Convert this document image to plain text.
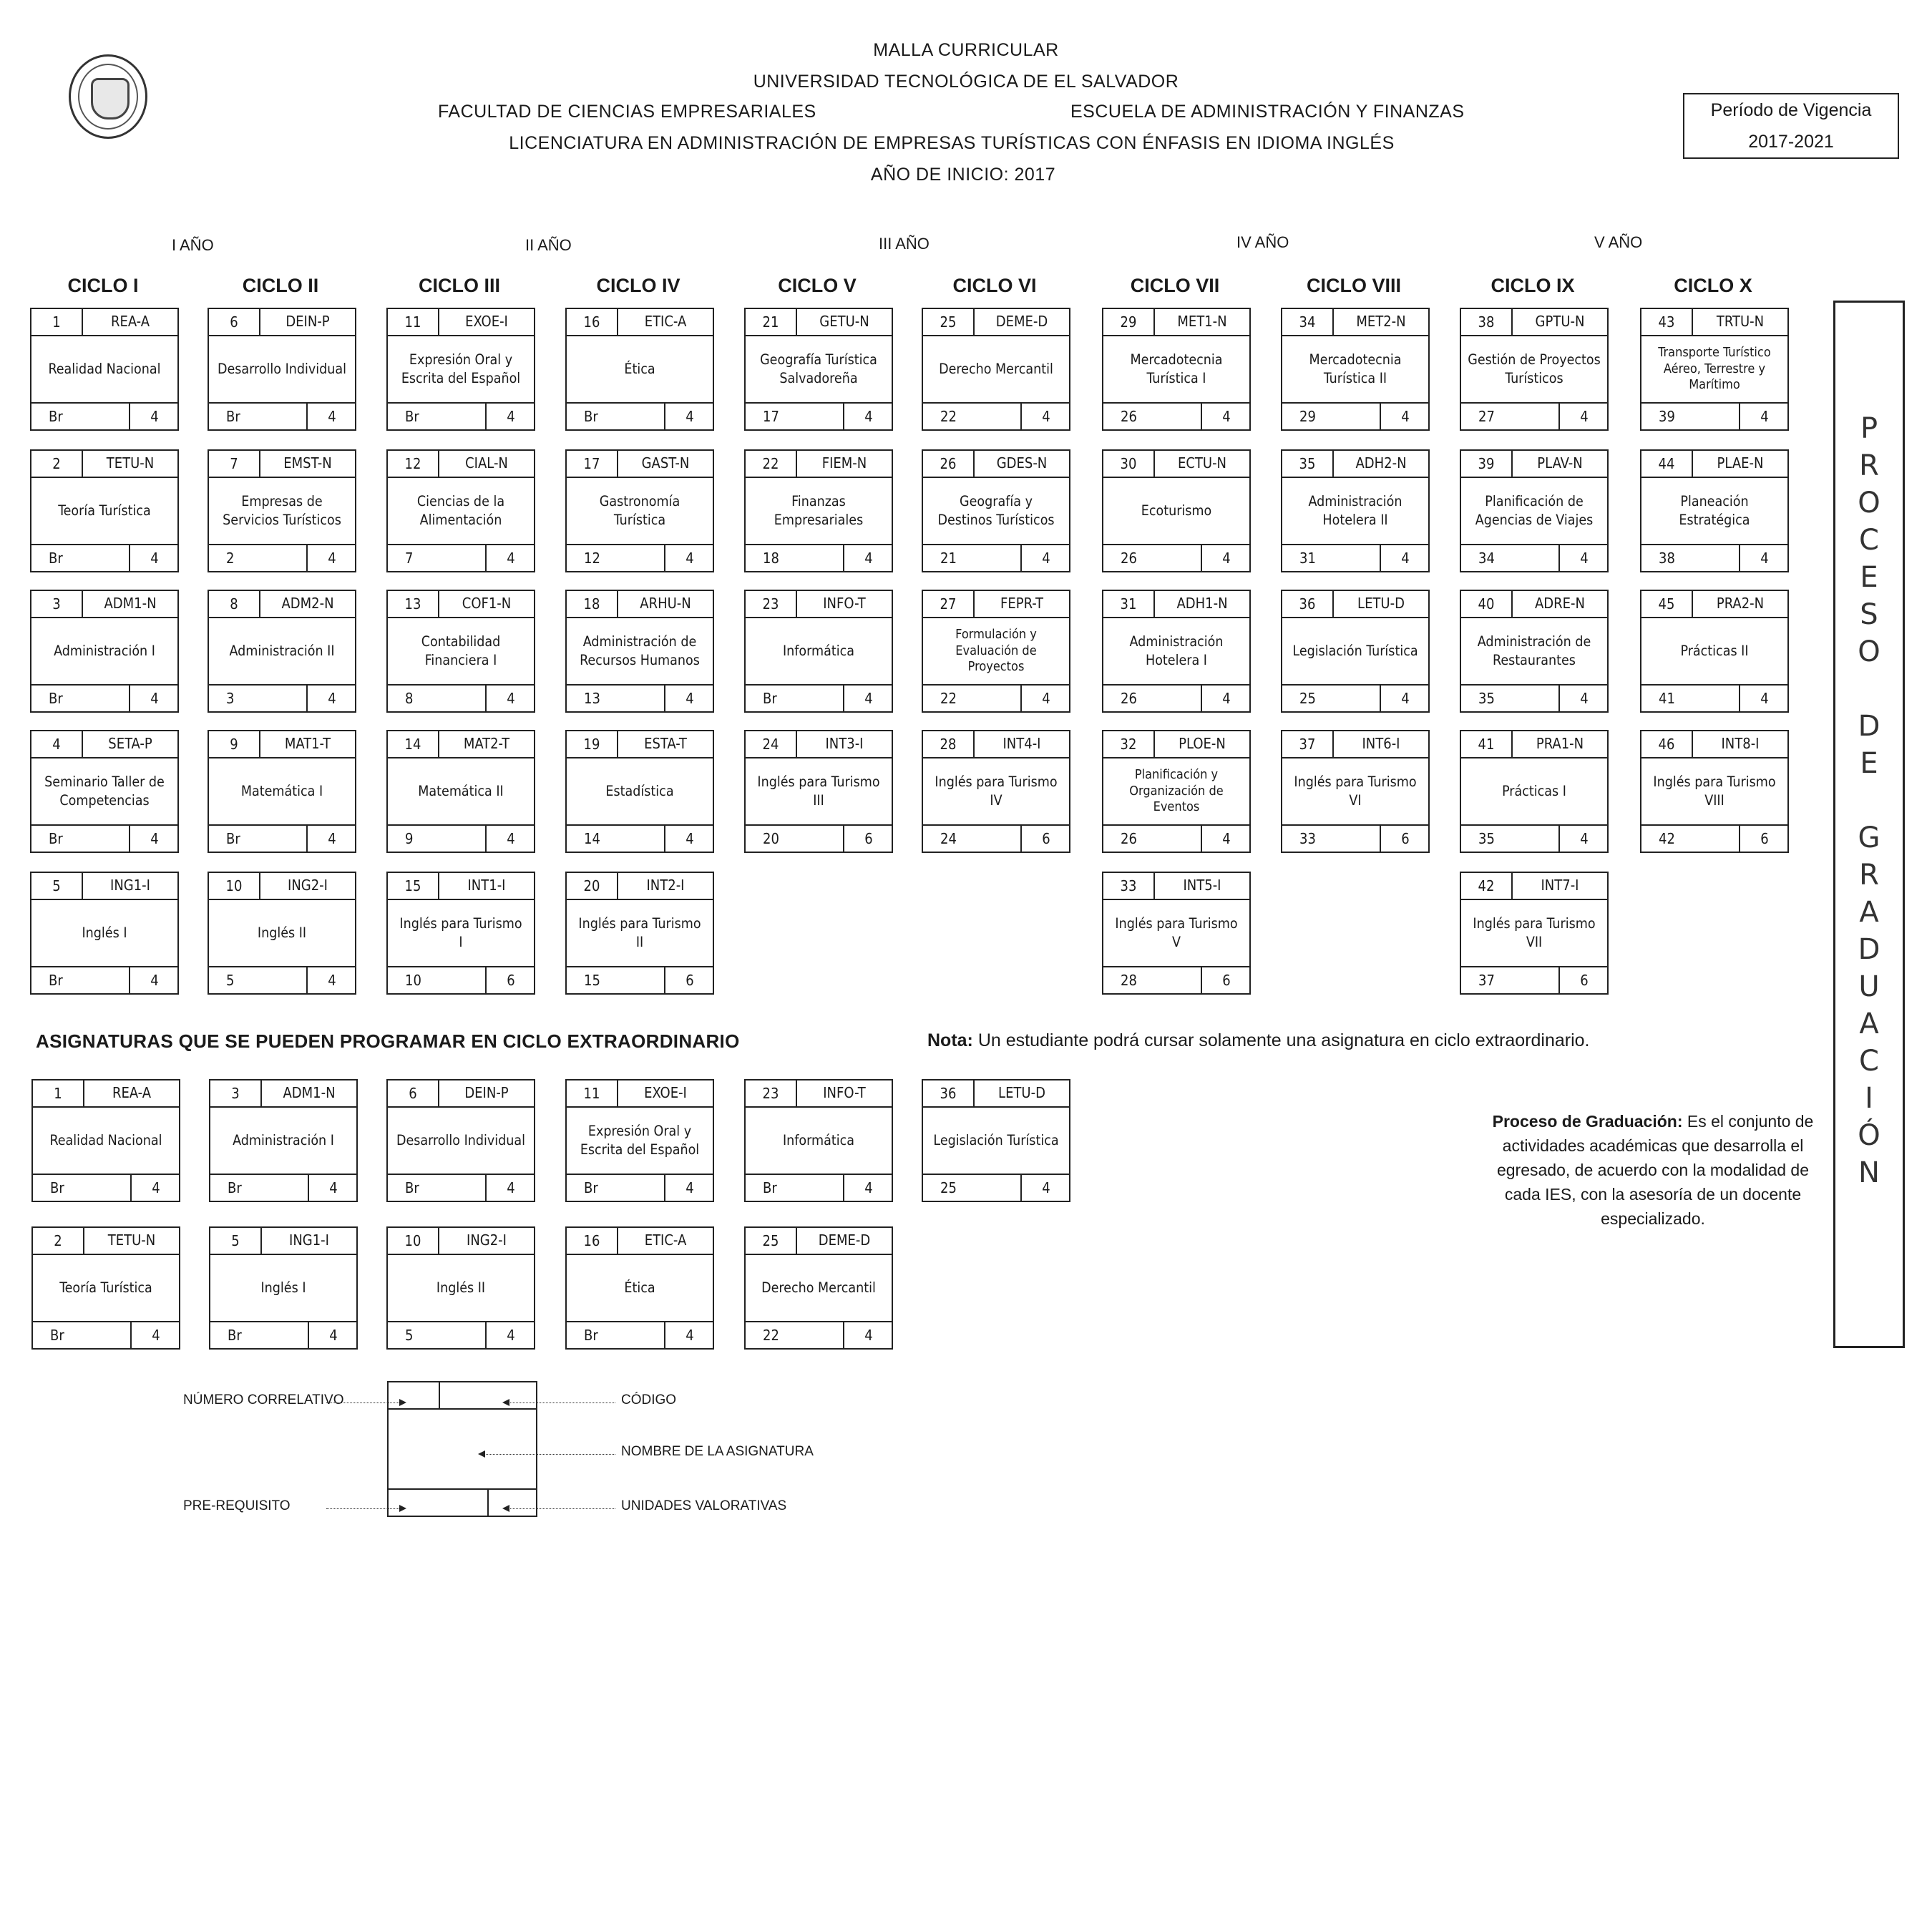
MALLA CURRICULAR
UNIVERSIDAD TECNOLÓGICA DE EL SALVADOR
FACULTAD DE CIENCIAS EMPRESARIALES	ESCUELA DE ADMINISTRACIÓN Y FINANZAS
LICENCIATURA EN ADMINISTRACIÓN DE EMPRESAS TURÍSTICAS CON ÉNFASIS EN IDIOMA INGLÉS
AÑO DE INICIO: 2017
Período de Vigencia
2017-2021
I AÑO	II AÑO	III AÑO	IV AÑO	V AÑO
CICLO I	CICLO II	CICLO III	CICLO IV	CICLO V	CICLO VI	CICLO VII	CICLO VIII	CICLO IX	CICLO X
1	REA-A
Realidad Nacional
Br	4
2	TETU-N
Teoría Turística
Br	4
3	ADM1-N
Administración I
Br	4
4	SETA-P
Seminario Taller de
Competencias
Br	4
5	ING1-I
Inglés I
Br	4
6	DEIN-P
Desarrollo Individual
Br	4
7	EMST-N
Empresas de
Servicios Turísticos
2	4
8	ADM2-N
Administración II
3	4
9	MAT1-T
Matemática I
Br	4
10	ING2-I
Inglés II
5	4
11	EXOE-I
Expresión Oral y
Escrita del Español
Br	4
12	CIAL-N
Ciencias de la
Alimentación
7	4
13	COF1-N
Contabilidad
Financiera I
8	4
14	MAT2-T
Matemática II
9	4
15	INT1-I
Inglés para Turismo
I
10	6
16	ETIC-A
Ética
Br	4
17	GAST-N
Gastronomía
Turística
12	4
18	ARHU-N
Administración de
Recursos Humanos
13	4
19	ESTA-T
Estadística
14	4
20	INT2-I
Inglés para Turismo
II
15	6
21	GETU-N
Geografía Turística
Salvadoreña
17	4
22	FIEM-N
Finanzas
Empresariales
18	4
23	INFO-T
Informática
Br	4
24	INT3-I
Inglés para Turismo
III
20	6
25	DEME-D
Derecho Mercantil
22	4
26	GDES-N
Geografía y
Destinos Turísticos
21	4
27	FEPR-T
Formulación y
Evaluación de
Proyectos
22	4
28	INT4-I
Inglés para Turismo
IV
24	6
29	MET1-N
Mercadotecnia
Turística I
26	4
30	ECTU-N
Ecoturismo
26	4
31	ADH1-N
Administración
Hotelera I
26	4
32	PLOE-N
Planificación y
Organización de
Eventos
26	4
33	INT5-I
Inglés para Turismo
V
28	6
34	MET2-N
Mercadotecnia
Turística II
29	4
35	ADH2-N
Administración
Hotelera II
31	4
36	LETU-D
Legislación Turística
25	4
37	INT6-I
Inglés para Turismo
VI
33	6
38	GPTU-N
Gestión de Proyectos
Turísticos
27	4
39	PLAV-N
Planificación de
Agencias de Viajes
34	4
40	ADRE-N
Administración de
Restaurantes
35	4
41	PRA1-N
Prácticas I
35	4
42	INT7-I
Inglés para Turismo
VII
37	6
43	TRTU-N
Transporte Turístico
Aéreo, Terrestre y
Marítimo
39	4
44	PLAE-N
Planeación
Estratégica
38	4
45	PRA2-N
Prácticas II
41	4
46	INT8-I
Inglés para Turismo
VIII
42	6
1	REA-A
Realidad Nacional
Br	4
3	ADM1-N
Administración I
Br	4
6	DEIN-P
Desarrollo Individual
Br	4
11	EXOE-I
Expresión Oral y
Escrita del Español
Br	4
23	INFO-T
Informática
Br	4
36	LETU-D
Legislación Turística
25	4
2	TETU-N
Teoría Turística
Br	4
5	ING1-I
Inglés I
Br	4
10	ING2-I
Inglés II
5	4
16	ETIC-A
Ética
Br	4
25	DEME-D
Derecho Mercantil
22	4
ASIGNATURAS QUE SE PUEDEN PROGRAMAR EN CICLO EXTRAORDINARIO	Nota: Un estudiante podrá cursar solamente una asignatura en ciclo extraordinario.
P
R
O
C
E
S
O
D
E
G
R
A
D
U
A
C
I
Ó
N
Proceso de Graduación: Es el conjunto de actividades académicas que desarrolla el egresado, de acuerdo con la modalidad de cada IES, con la asesoría de un docente especializado.
NÚMERO CORRELATIVO	CÓDIGO
NOMBRE DE LA ASIGNATURA
PRE-REQUISITO	UNIDADES VALORATIVAS
